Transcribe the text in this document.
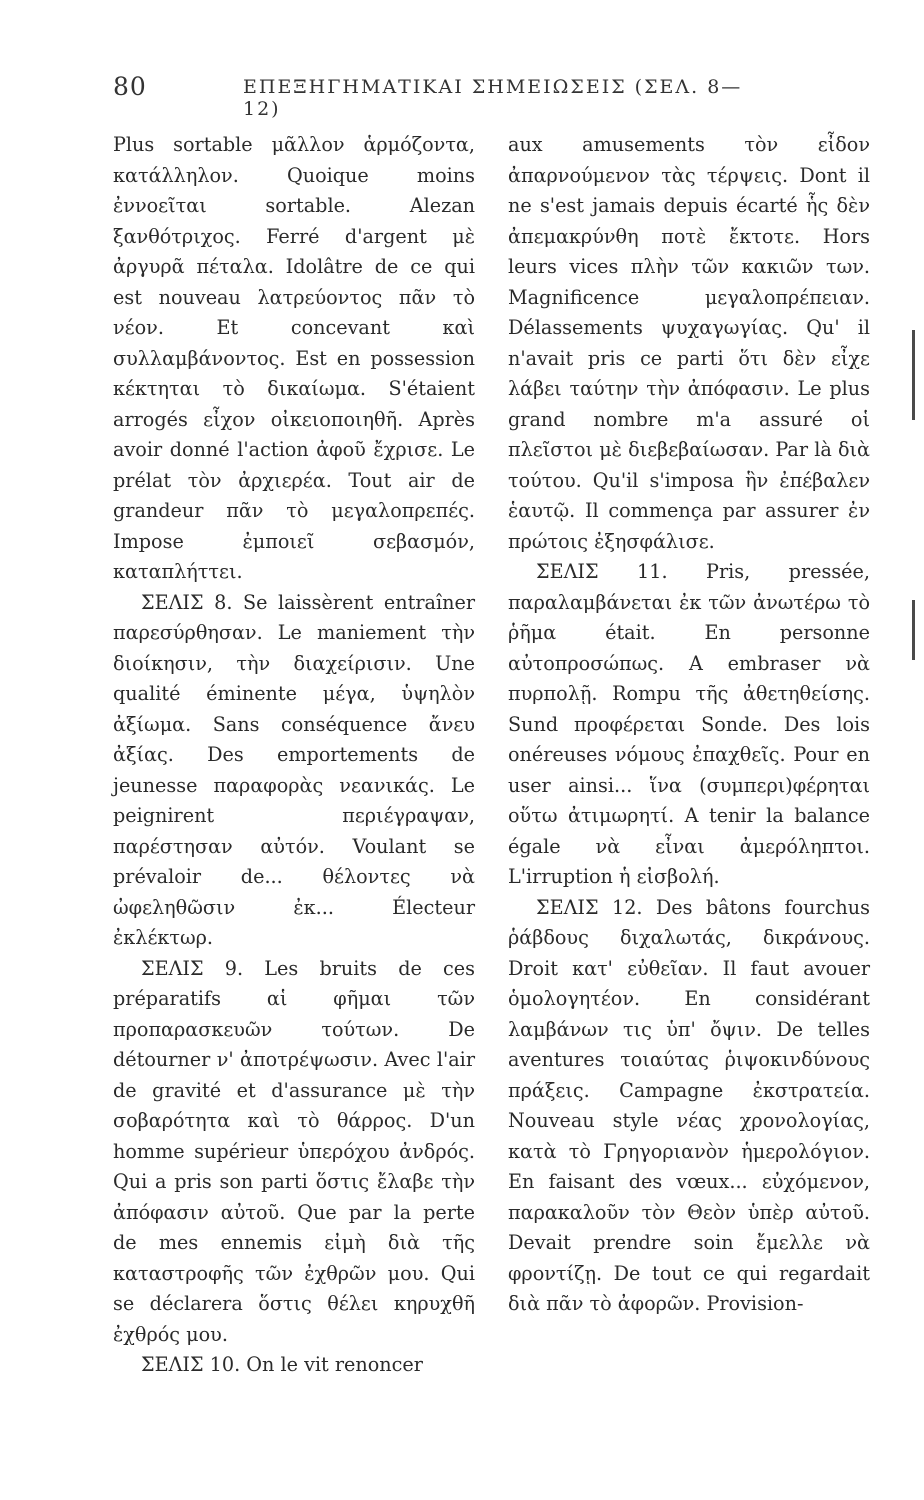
80	ΕΠΕΞΗΓΗΜΑΤΙΚΑΙ ΣΗΜΕΙΩΣΕΙΣ (ΣΕΛ. 8—12)

Plus sortable μᾶλλον ἁρμόζοντα, κατάλληλον. Quoique moins ἐννοεῖται sortable. Alezan ξανθότριχος. Ferré d'argent μὲ ἀργυρᾶ πέταλα. Idolâtre de ce qui est nouveau λατρεύοντος πᾶν τὸ νέον. Et concevant καὶ συλλαμβάνοντος. Est en possession κέκτηται τὸ δικαίωμα. S'étaient arrogés εἶχον οἰκειοποιηθῆ. Après avoir donné l'action ἀφοῦ ἔχρισε. Le prélat τὸν ἀρχιερέα. Tout air de grandeur πᾶν τὸ μεγαλοπρεπές. Impose ἐμποιεῖ σεβασμόν, καταπλήττει.

ΣΕΛΙΣ 8. Se laissèrent entraîner παρεσύρθησαν. Le maniement τὴν διοίκησιν, τὴν διαχείρισιν. Une qualité éminente μέγα, ὑψηλὸν ἀξίωμα. Sans conséquence ἄνευ ἀξίας. Des emportements de jeunesse παραφορὰς νεανικάς. Le peignirent περιέγραψαν, παρέστησαν αὐτόν. Voulant se prévaloir de... θέλοντες νὰ ὠφεληθῶσιν ἐκ... Électeur ἐκλέκτωρ.

ΣΕΛΙΣ 9. Les bruits de ces préparatifs αἱ φῆμαι τῶν προπαρασκευῶν τούτων. De détourner ν' ἀποτρέψωσιν. Avec l'air de gravité et d'assurance μὲ τὴν σοβαρότητα καὶ τὸ θάρρος. D'un homme supérieur ὑπερόχου ἀνδρός. Qui a pris son parti ὅστις ἔλαβε τὴν ἀπόφασιν αὐτοῦ. Que par la perte de mes ennemis εἰμὴ διὰ τῆς καταστροφῆς τῶν ἐχθρῶν μου. Qui se déclarera ὅστις θέλει κηρυχθῆ ἐχθρός μου.

ΣΕΛΙΣ 10. On le vit renoncer

aux amusements τὸν εἶδον ἀπαρνούμενον τὰς τέρψεις. Dont il ne s'est jamais depuis écarté ἧς δὲν ἀπεμακρύνθη ποτὲ ἔκτοτε. Hors leurs vices πλὴν τῶν κακιῶν των. Magnificence μεγαλοπρέπειαν. Délassements ψυχαγωγίας. Qu' il n'avait pris ce parti ὅτι δὲν εἶχε λάβει ταύτην τὴν ἀπόφασιν. Le plus grand nombre m'a assuré οἱ πλεῖστοι μὲ διεβεβαίωσαν. Par là διὰ τούτου. Qu'il s'imposa ἣν ἐπέβαλεν ἑαυτῷ. Il commença par assurer ἐν πρώτοις ἐξησφάλισε.

ΣΕΛΙΣ 11. Pris, pressée, παραλαμβάνεται ἐκ τῶν ἀνωτέρω τὸ ῥῆμα était. En personne αὐτοπροσώπως. A embraser νὰ πυρπολῇ. Rompu τῆς ἀθετηθείσης. Sund προφέρεται Sonde. Des lois onéreuses νόμους ἐπαχθεῖς. Pour en user ainsi... ἵνα (συμπερι)φέρηται οὕτω ἀτιμωρητί. A tenir la balance égale νὰ εἶναι ἀμερόληπτοι. L'irruption ἡ εἰσβολή.

ΣΕΛΙΣ 12. Des bâtons fourchus ῥάβδους διχαλωτάς, δικράνους. Droit κατ' εὐθεῖαν. Il faut avouer ὁμολογητέον. En considérant λαμβάνων τις ὑπ' ὄψιν. De telles aventures τοιαύτας ῥιψοκινδύνους πράξεις. Campagne ἐκστρατεία. Nouveau style νέας χρονολογίας, κατὰ τὸ Γρηγοριανὸν ἡμερολόγιον. En faisant des vœux... εὐχόμενον, παρακαλοῦν τὸν Θεὸν ὑπὲρ αὐτοῦ. Devait prendre soin ἔμελλε νὰ φροντίζῃ. De tout ce qui regardait διὰ πᾶν τὸ ἀφορῶν. Provision-
